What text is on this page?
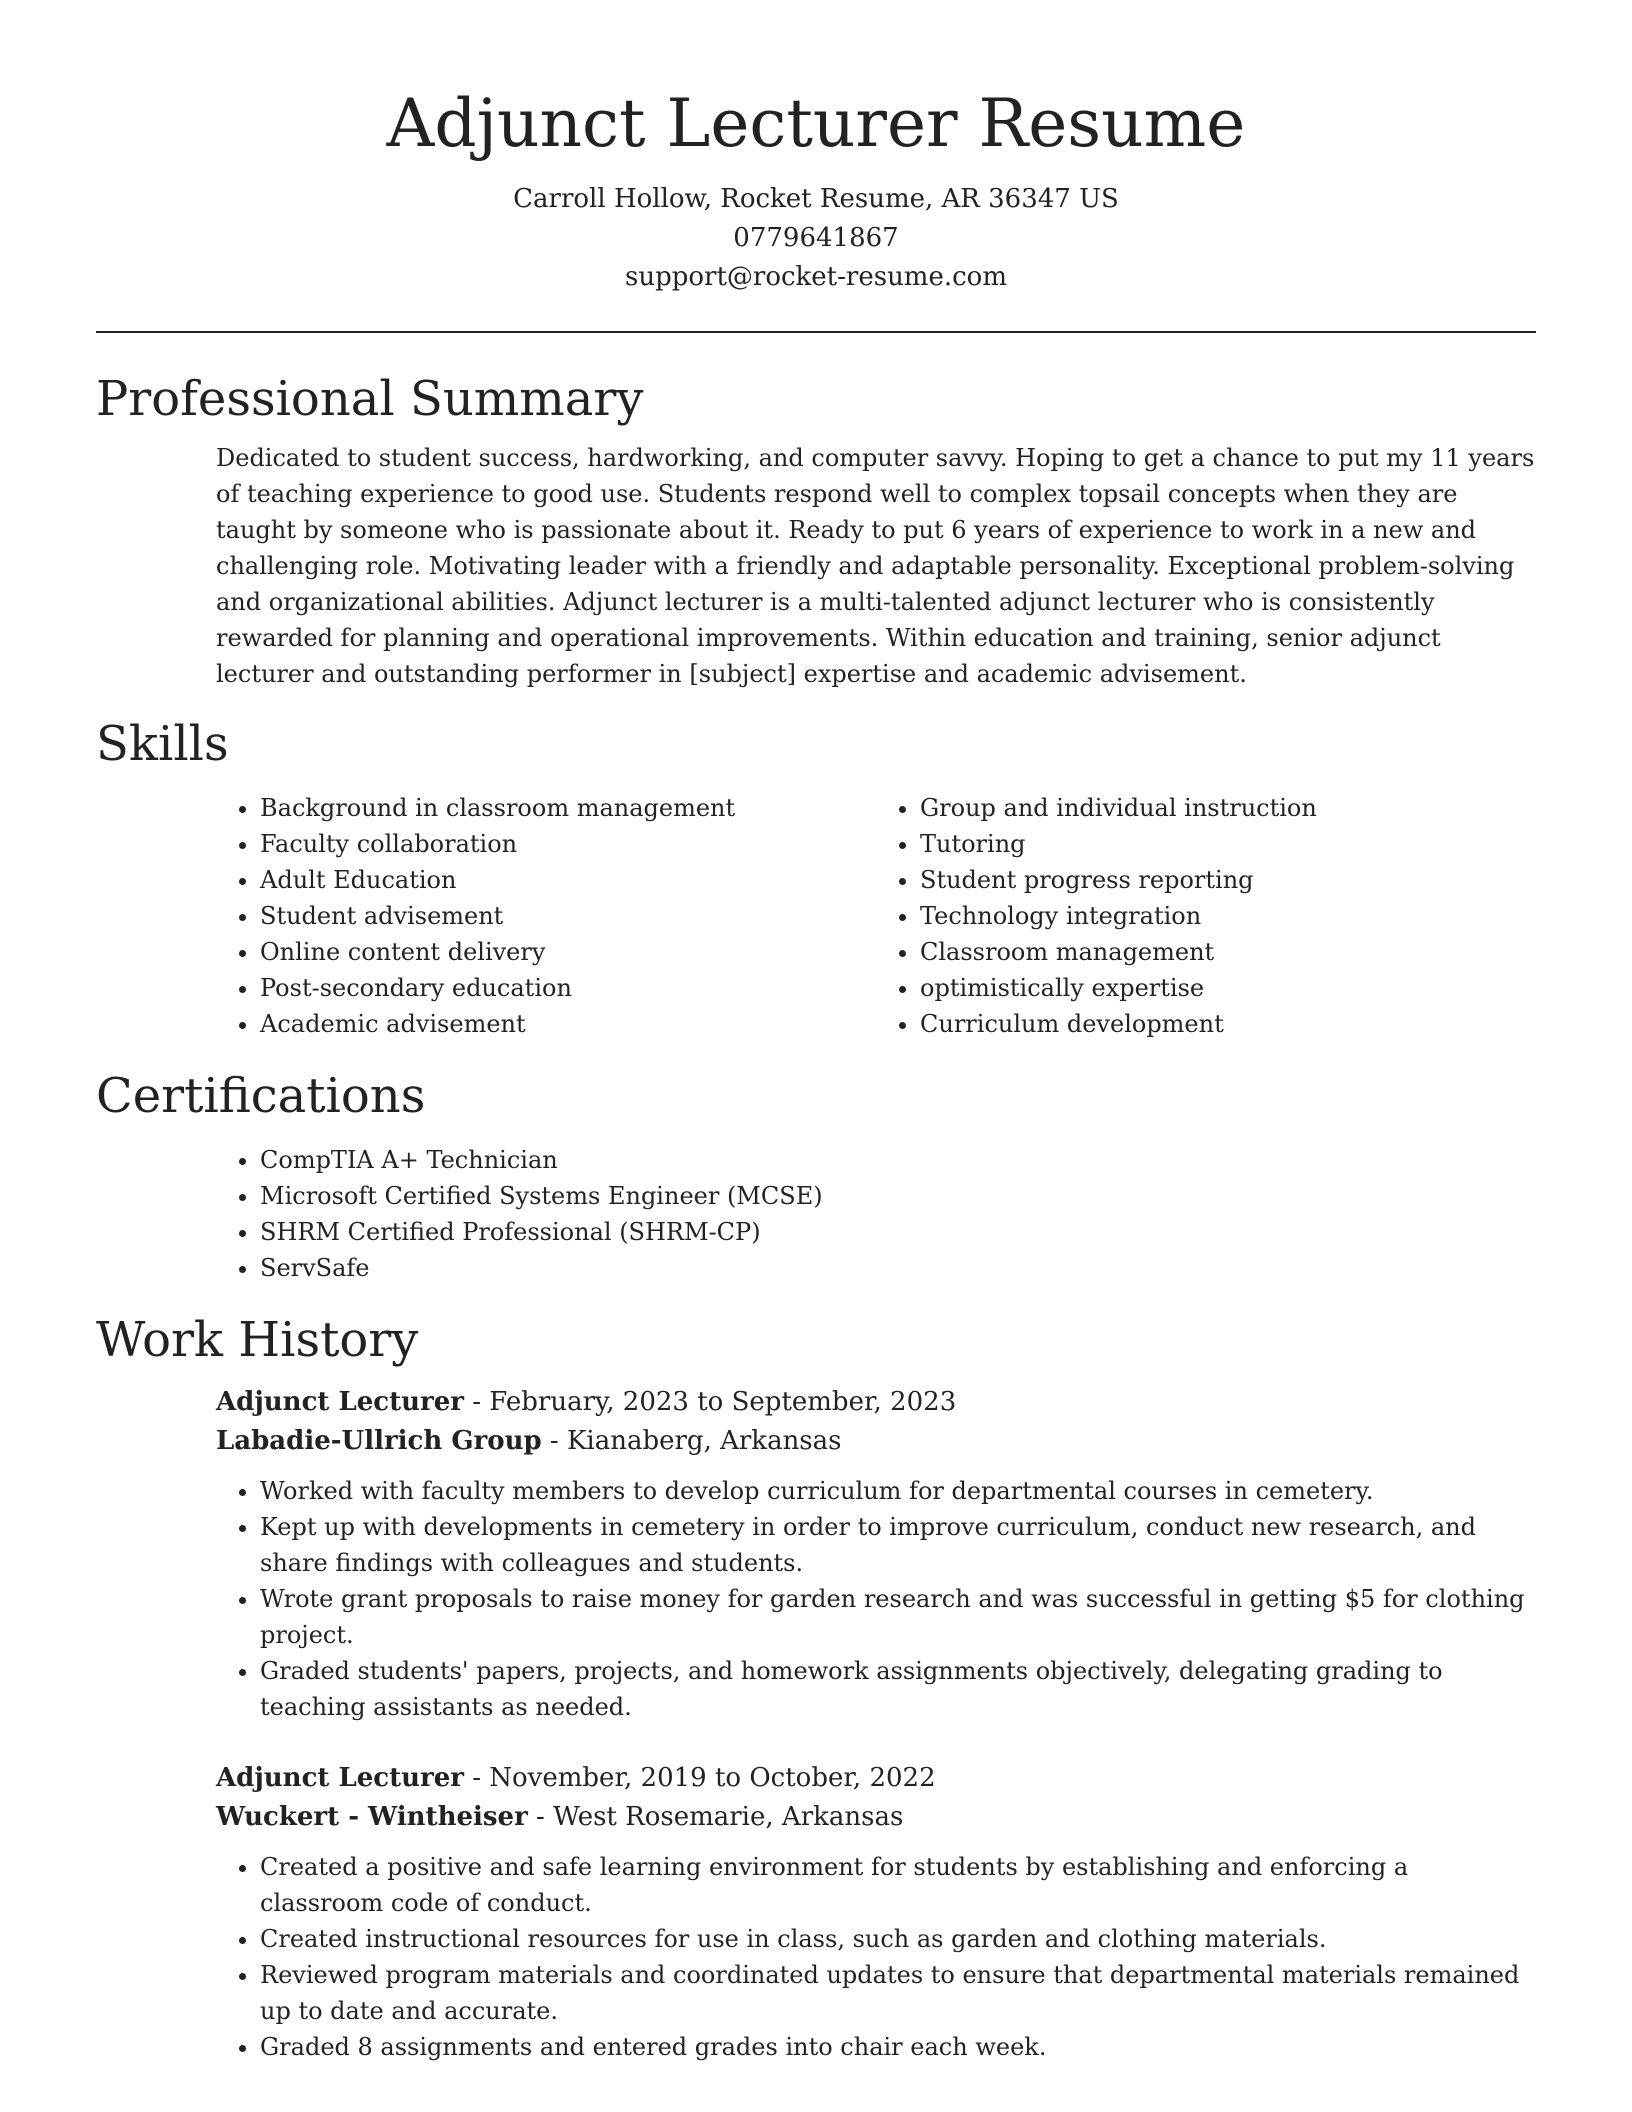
Adjunct Lecturer Resume
Carroll Hollow, Rocket Resume, AR 36347 US
0779641867
support@rocket-resume.com
Professional Summary

Dedicated to student success, hardworking, and computer savvy. Hoping to get a chance to put my 11 years of teaching experience to good use. Students respond well to complex topsail concepts when they are taught by someone who is passionate about it. Ready to put 6 years of experience to work in a new and challenging role. Motivating leader with a friendly and adaptable personality. Exceptional problem-solving and organizational abilities. Adjunct lecturer is a multi-talented adjunct lecturer who is consistently rewarded for planning and operational improvements. Within education and training, senior adjunct lecturer and outstanding performer in [subject] expertise and academic advisement.

Skills
• Background in classroom management
• Faculty collaboration
• Adult Education
• Student advisement
• Online content delivery
• Post-secondary education
• Academic advisement
• Group and individual instruction
• Tutoring
• Student progress reporting
• Technology integration
• Classroom management
• optimistically expertise
• Curriculum development
Certifications
• CompTIA A+ Technician
• Microsoft Certified Systems Engineer (MCSE)
• SHRM Certified Professional (SHRM-CP)
• ServSafe
Work History
Adjunct Lecturer - February, 2023 to September, 2023
Labadie-Ullrich Group - Kianaberg, Arkansas
• Worked with faculty members to develop curriculum for departmental courses in cemetery.
• Kept up with developments in cemetery in order to improve curriculum, conduct new research, and share findings with colleagues and students.
• Wrote grant proposals to raise money for garden research and was successful in getting $5 for clothing project.
• Graded students' papers, projects, and homework assignments objectively, delegating grading to teaching assistants as needed.
Adjunct Lecturer - November, 2019 to October, 2022
Wuckert - Wintheiser - West Rosemarie, Arkansas
• Created a positive and safe learning environment for students by establishing and enforcing a classroom code of conduct.
• Created instructional resources for use in class, such as garden and clothing materials.
• Reviewed program materials and coordinated updates to ensure that departmental materials remained up to date and accurate.
• Graded 8 assignments and entered grades into chair each week.
